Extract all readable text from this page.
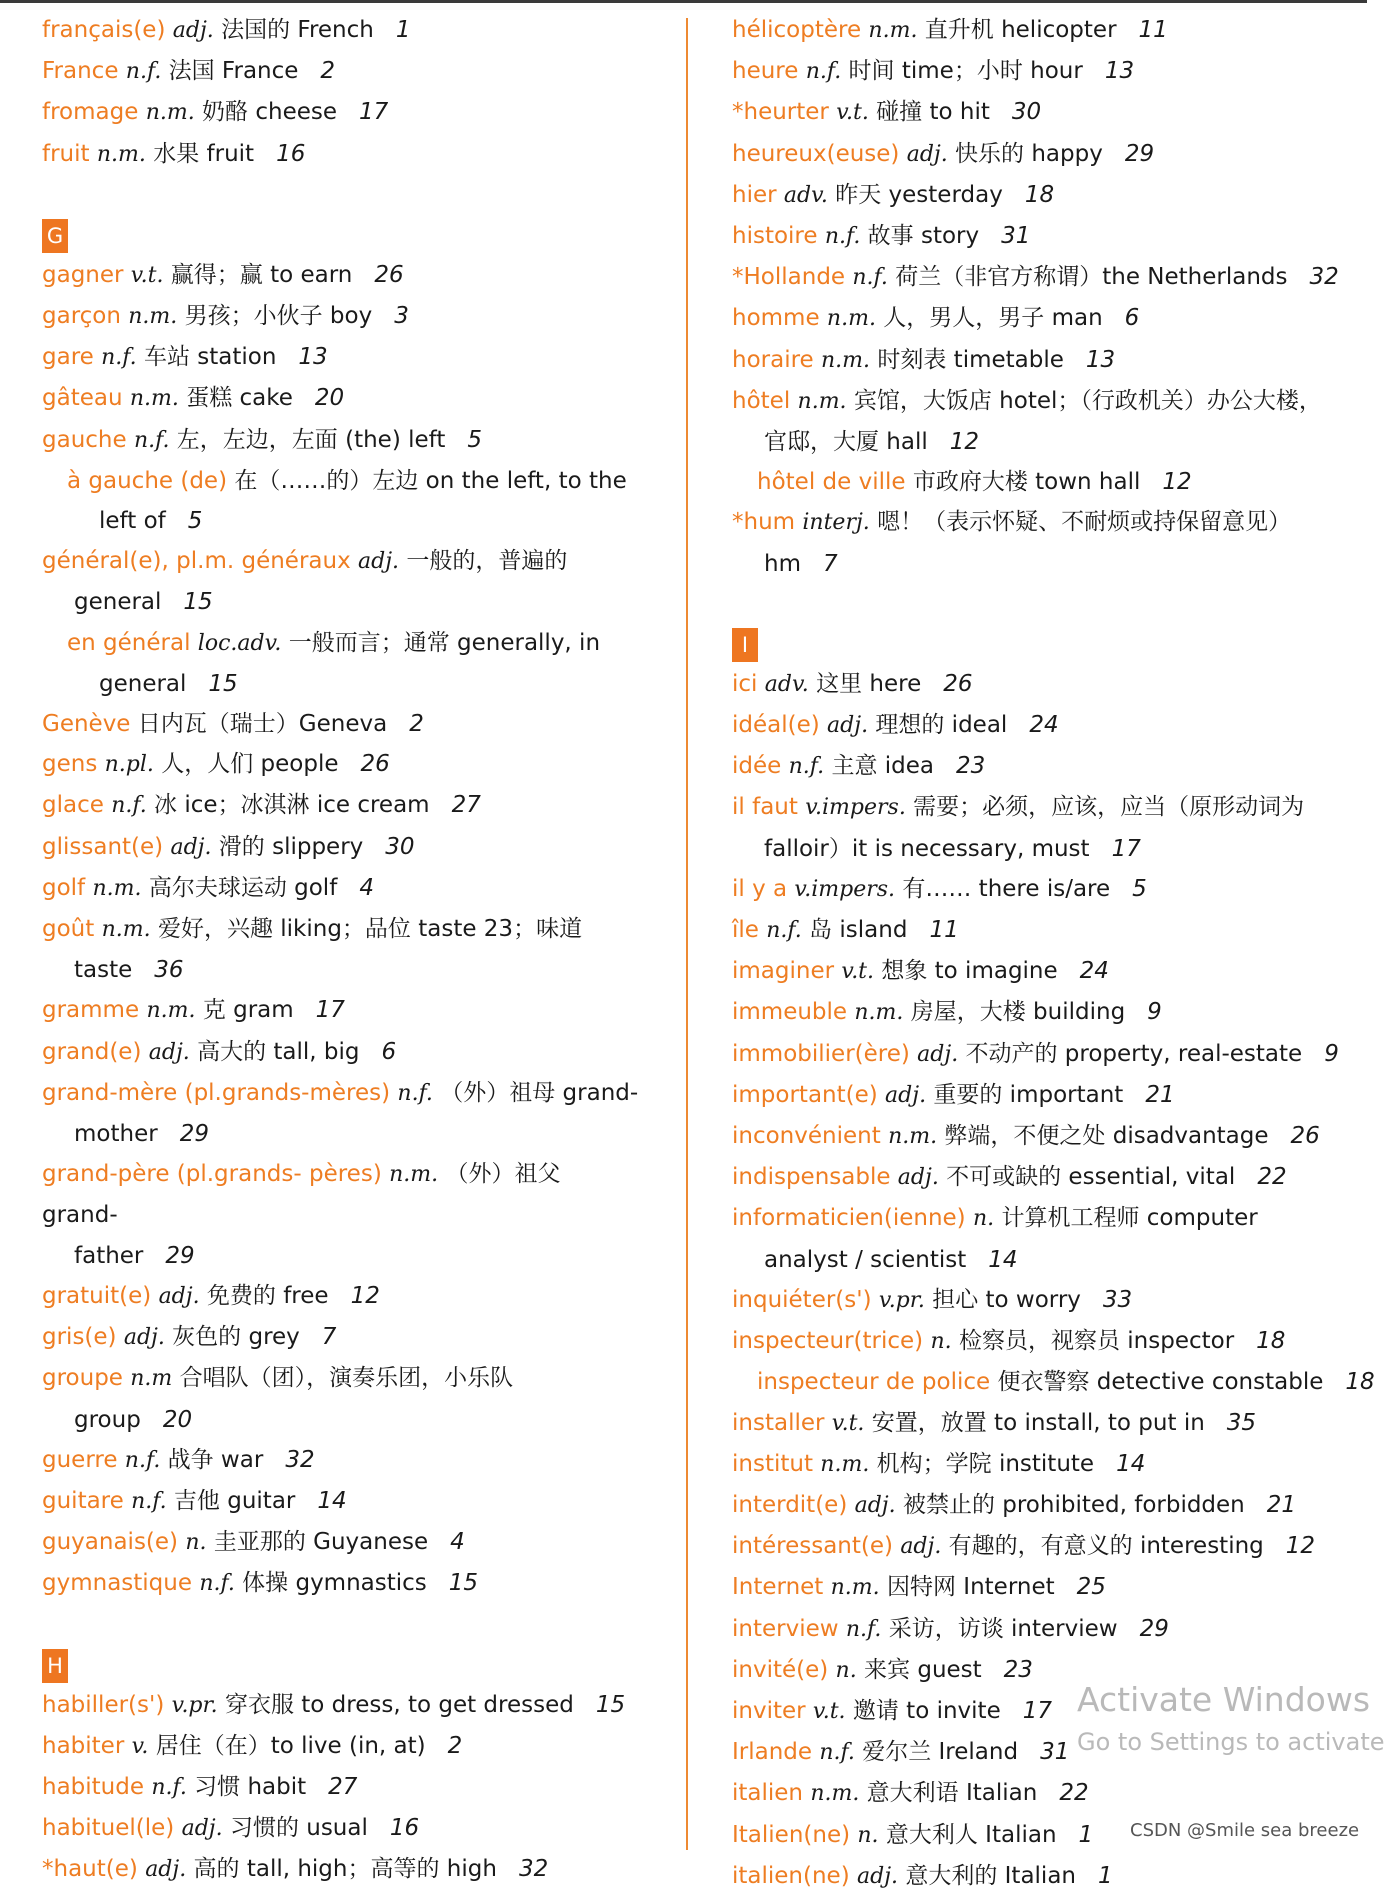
français(e) adj. 法国的 French 1
France n.f. 法国 France 2
fromage n.m. 奶酪 cheese 17
fruit n.m. 水果 fruit 16
G
gagner v.t. 赢得；赢 to earn 26
garçon n.m. 男孩；小伙子 boy 3
gare n.f. 车站 station 13
gâteau n.m. 蛋糕 cake 20
gauche n.f. 左，左边，左面 (the) left 5
à gauche (de) 在（……的）左边 on the left, to the
left of 5
général(e), pl.m. généraux adj. 一般的，普遍的
general 15
en général loc.adv. 一般而言；通常 generally, in
general 15
Genève 日内瓦（瑞士）Geneva 2
gens n.pl. 人，人们 people 26
glace n.f. 冰 ice；冰淇淋 ice cream 27
glissant(e) adj. 滑的 slippery 30
golf n.m. 高尔夫球运动 golf 4
goût n.m. 爱好，兴趣 liking；品位 taste 23；味道
taste 36
gramme n.m. 克 gram 17
grand(e) adj. 高大的 tall, big 6
grand-mère (pl.grands-mères) n.f. （外）祖母 grand-
mother 29
grand-père (pl.grands- pères) n.m. （外）祖父 grand-
father 29
gratuit(e) adj. 免费的 free 12
gris(e) adj. 灰色的 grey 7
groupe n.m 合唱队（团），演奏乐团，小乐队
group 20
guerre n.f. 战争 war 32
guitare n.f. 吉他 guitar 14
guyanais(e) n. 圭亚那的 Guyanese 4
gymnastique n.f. 体操 gymnastics 15
H
habiller(s') v.pr. 穿衣服 to dress, to get dressed 15
habiter v. 居住（在）to live (in, at) 2
habitude n.f. 习惯 habit 27
habituel(le) adj. 习惯的 usual 16
*haut(e) adj. 高的 tall, high；高等的 high 32
hélicoptère n.m. 直升机 helicopter 11
heure n.f. 时间 time；小时 hour 13
*heurter v.t. 碰撞 to hit 30
heureux(euse) adj. 快乐的 happy 29
hier adv. 昨天 yesterday 18
histoire n.f. 故事 story 31
*Hollande n.f. 荷兰（非官方称谓）the Netherlands 32
homme n.m. 人，男人，男子 man 6
horaire n.m. 时刻表 timetable 13
hôtel n.m. 宾馆，大饭店 hotel；（行政机关）办公大楼，
官邸，大厦 hall 12
hôtel de ville 市政府大楼 town hall 12
*hum interj. 嗯！（表示怀疑、不耐烦或持保留意见）
hm 7
I
ici adv. 这里 here 26
idéal(e) adj. 理想的 ideal 24
idée n.f. 主意 idea 23
il faut v.impers. 需要；必须，应该，应当（原形动词为
falloir）it is necessary, must 17
il y a v.impers. 有…… there is/are 5
île n.f. 岛 island 11
imaginer v.t. 想象 to imagine 24
immeuble n.m. 房屋，大楼 building 9
immobilier(ère) adj. 不动产的 property, real-estate 9
important(e) adj. 重要的 important 21
inconvénient n.m. 弊端，不便之处 disadvantage 26
indispensable adj. 不可或缺的 essential, vital 22
informaticien(ienne) n. 计算机工程师 computer
analyst / scientist 14
inquiéter(s') v.pr. 担心 to worry 33
inspecteur(trice) n. 检察员，视察员 inspector 18
inspecteur de police 便衣警察 detective constable 18
installer v.t. 安置，放置 to install, to put in 35
institut n.m. 机构；学院 institute 14
interdit(e) adj. 被禁止的 prohibited, forbidden 21
intéressant(e) adj. 有趣的，有意义的 interesting 12
Internet n.m. 因特网 Internet 25
interview n.f. 采访，访谈 interview 29
invité(e) n. 来宾 guest 23
inviter v.t. 邀请 to invite 17
Irlande n.f. 爱尔兰 Ireland 31
italien n.m. 意大利语 Italian 22
Italien(ne) n. 意大利人 Italian 1
italien(ne) adj. 意大利的 Italian 1
Activate Windows
Go to Settings to activate
CSDN @Smile sea breeze
